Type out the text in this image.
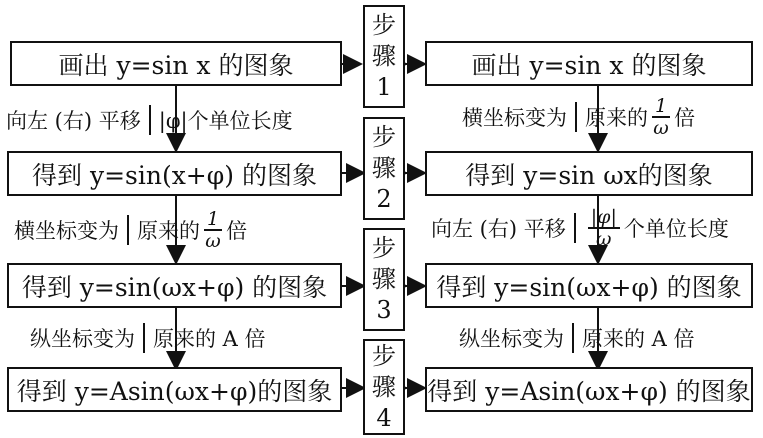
步
骤
1
步
骤
2
步
骤
3
步
骤
4
画出 y=sin x 的图象
得到 y=sin(x+φ) 的图象
得到 y=sin(ωx+φ) 的图象
得到 y=Asin(ωx+φ)的图象
画出 y=sin x 的图象
得到 y=sin ωx的图象
得到 y=sin(ωx+φ) 的图象
得到 y=Asin(ωx+φ) 的图象
向左 (右) 平移 |φ|个单位长度
横坐标变为 原来的 $\frac{1}{\omega}$ 倍
纵坐标变为 原来的 A 倍
横坐标变为 原来的 $\frac{1}{\omega}$ 倍
向左 (右) 平移 $\frac{|\varphi|}{\omega}$ 个单位长度
纵坐标变为 原来的 A 倍
